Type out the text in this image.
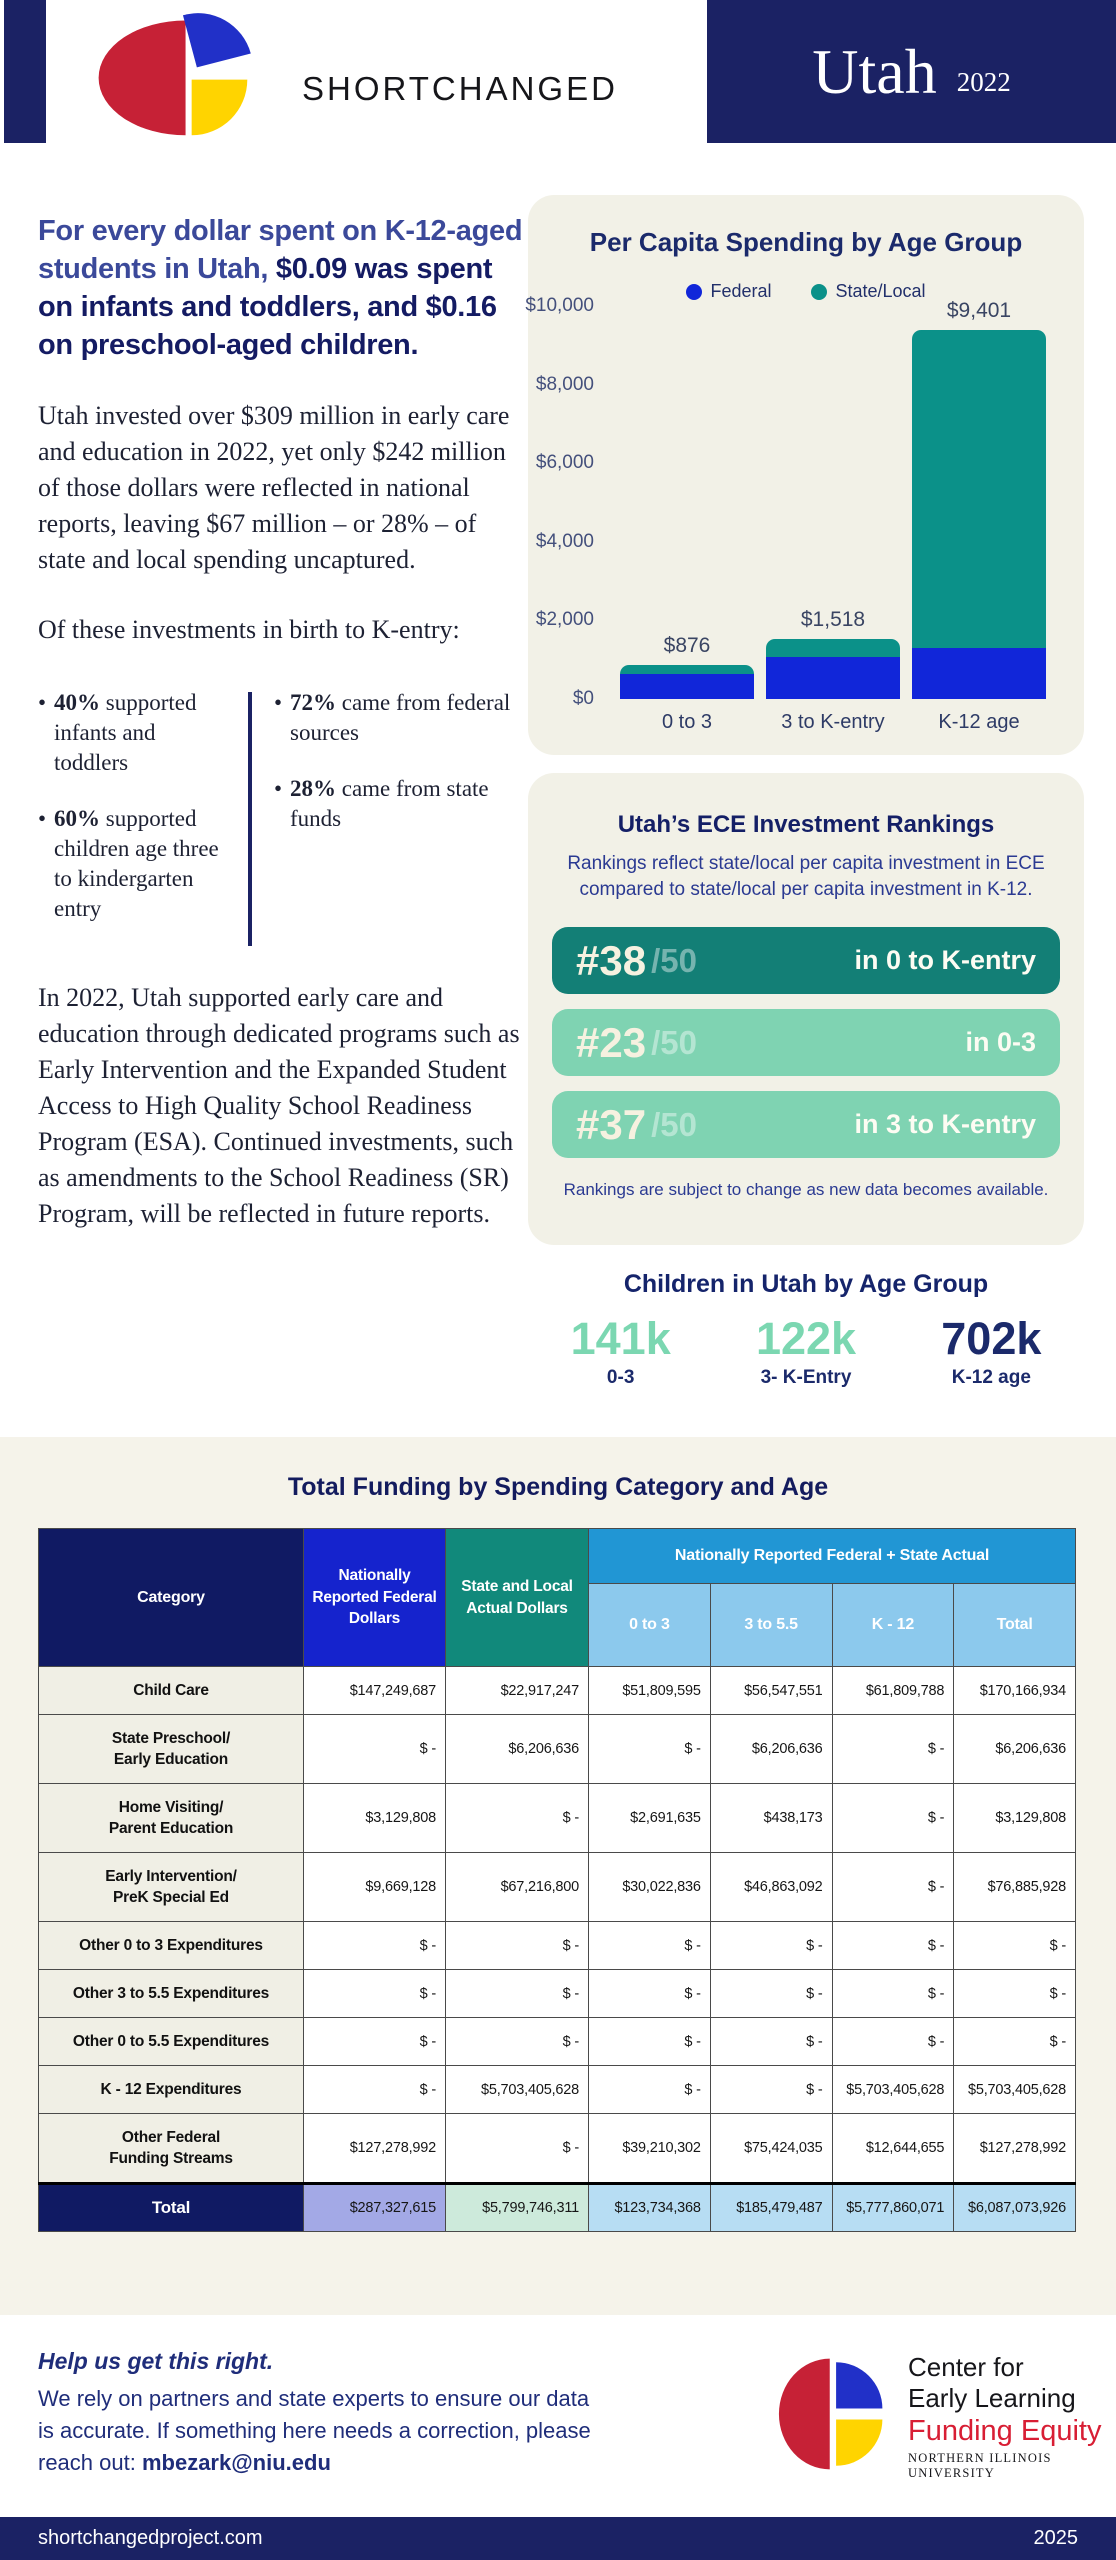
SHORTCHANGED	Utah 2022
For every dollar spent on K-12-aged students in Utah, $0.09 was spent on infants and toddlers, and $0.16 on preschool-aged children.
Utah invested over $309 million in early care and education in 2022, yet only $242 million of those dollars were reflected in national reports, leaving $67 million – or 28% – of state and local spending uncaptured.
Of these investments in birth to K-entry:
• 40% supported infants and toddlers
• 60% supported children age three to kindergarten entry
• 72% came from federal sources
• 28% came from state funds
In 2022, Utah supported early care and education through dedicated programs such as Early Intervention and the Expanded Student Access to High Quality School Readiness Program (ESA). Continued investments, such as amendments to the School Readiness (SR) Program, will be reflected in future reports.
Per Capita Spending by Age Group
Federal	State/Local
$10,000
$8,000
$6,000
$4,000
$2,000
$0
$876
$1,518
$9,401
0 to 3	3 to K-entry	K-12 age
Utah’s ECE Investment Rankings
Rankings reflect state/local per capita investment in ECE compared to state/local per capita investment in K-12.
#38 /50	in 0 to K-entry
#23 /50	in 0-3
#37 /50	in 3 to K-entry
Rankings are subject to change as new data becomes available.
Children in Utah by Age Group
141k
0-3
122k
3- K-Entry
702k
K-12 age
Total Funding by Spending Category and Age
Category	Nationally Reported Federal Dollars	State and Local Actual Dollars	Nationally Reported Federal + State Actual			
			0 to 3	3 to 5.5	K - 12	Total
Child Care	$147,249,687	$22,917,247	$51,809,595	$56,547,551	$61,809,788	$170,166,934
State Preschool/
Early Education	$ -	$6,206,636	$ -	$6,206,636	$ -	$6,206,636
Home Visiting/
Parent Education	$3,129,808	$ -	$2,691,635	$438,173	$ -	$3,129,808
Early Intervention/
PreK Special Ed	$9,669,128	$67,216,800	$30,022,836	$46,863,092	$ -	$76,885,928
Other 0 to 3 Expenditures	$ -	$ -	$ -	$ -	$ -	$ -
Other 3 to 5.5 Expenditures	$ -	$ -	$ -	$ -	$ -	$ -
Other 0 to 5.5 Expenditures	$ -	$ -	$ -	$ -	$ -	$ -
K - 12 Expenditures	$ -	$5,703,405,628	$ -	$ -	$5,703,405,628	$5,703,405,628
Other Federal
Funding Streams	$127,278,992	$ -	$39,210,302	$75,424,035	$12,644,655	$127,278,992
Total	$287,327,615	$5,799,746,311	$123,734,368	$185,479,487	$5,777,860,071	$6,087,073,926
Help us get this right.
We rely on partners and state experts to ensure our data is accurate. If something here needs a correction, please reach out: mbezark@niu.edu
Center for
Early Learning
Funding Equity
NORTHERN ILLINOIS UNIVERSITY
shortchangedproject.com	2025
